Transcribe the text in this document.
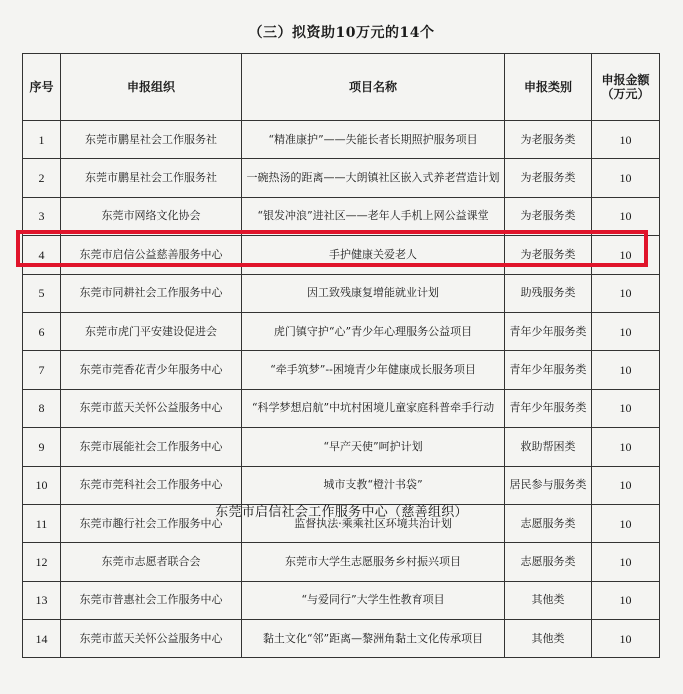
（三）拟资助10万元的14个
序号	申报组织	项目名称	申报类别	申报金额（万元）
1	东莞市鹏星社会工作服务社	“精准康护”——失能长者长期照护服务项目	为老服务类	10
2	东莞市鹏星社会工作服务社	一碗热汤的距离——大朗镇社区嵌入式养老营造计划	为老服务类	10
3	东莞市网络文化协会	“银发冲浪”进社区——老年人手机上网公益课堂	为老服务类	10
4	东莞市启信公益慈善服务中心	手护健康关爱老人	为老服务类	10
5	东莞市同耕社会工作服务中心	因工致残康复增能就业计划	助残服务类	10
6	东莞市虎门平安建设促进会	虎门镇守护“心”青少年心理服务公益项目	青年少年服务类	10
7	东莞市莞香花青少年服务中心	“牵手筑梦”--困境青少年健康成长服务项目	青年少年服务类	10
8	东莞市蓝天关怀公益服务中心	“科学梦想启航”中坑村困境儿童家庭科普牵手行动	青年少年服务类	10
9	东莞市展能社会工作服务中心	“早产天使”呵护计划	救助帮困类	10
10	东莞市莞科社会工作服务中心	城市支教“橙汁书袋”	居民参与服务类	10
11	东莞市趣行社会工作服务中心	监督执法·乘乘社区环境共治计划	志愿服务类	10
12	东莞市志愿者联合会	东莞市大学生志愿服务乡村振兴项目	志愿服务类	10
13	东莞市普惠社会工作服务中心	“与爱同行”大学生性教育项目	其他类	10
14	东莞市蓝天关怀公益服务中心	黏土文化“邻”距离—黎洲角黏土文化传承项目	其他类	10
东莞市启信社会工作服务中心（慈善组织）
